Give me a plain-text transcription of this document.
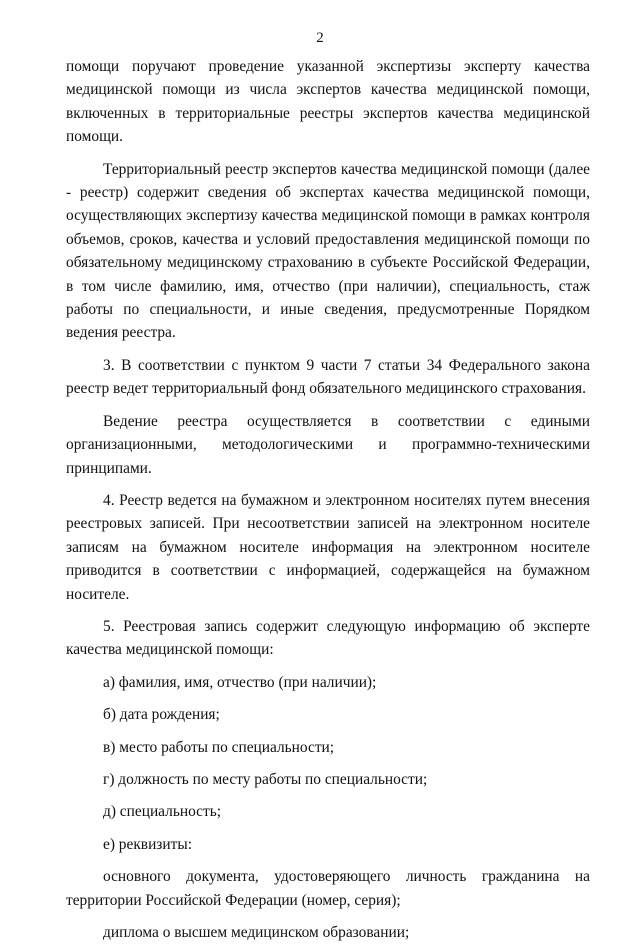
2

помощи поручают проведение указанной экспертизы эксперту качества медицинской помощи из числа экспертов качества медицинской помощи, включенных в территориальные реестры экспертов качества медицинской помощи.

Территориальный реестр экспертов качества медицинской помощи (далее - реестр) содержит сведения об экспертах качества медицинской помощи, осуществляющих экспертизу качества медицинской помощи в рамках контроля объемов, сроков, качества и условий предоставления медицинской помощи по обязательному медицинскому страхованию в субъекте Российской Федерации, в том числе фамилию, имя, отчество (при наличии), специальность, стаж работы по специальности, и иные сведения, предусмотренные Порядком ведения реестра.

3. В соответствии с пунктом 9 части 7 статьи 34 Федерального закона реестр ведет территориальный фонд обязательного медицинского страхования.

Ведение реестра осуществляется в соответствии с едиными организационными, методологическими и программно-техническими принципами.

4. Реестр ведется на бумажном и электронном носителях путем внесения реестровых записей. При несоответствии записей на электронном носителе записям на бумажном носителе информация на электронном носителе приводится в соответствии с информацией, содержащейся на бумажном носителе.

5. Реестровая запись содержит следующую информацию об эксперте качества медицинской помощи:

а) фамилия, имя, отчество (при наличии);

б) дата рождения;

в) место работы по специальности;

г) должность по месту работы по специальности;

д) специальность;

е) реквизиты:

основного документа, удостоверяющего личность гражданина на территории Российской Федерации (номер, серия);

диплома о высшем медицинском образовании;
